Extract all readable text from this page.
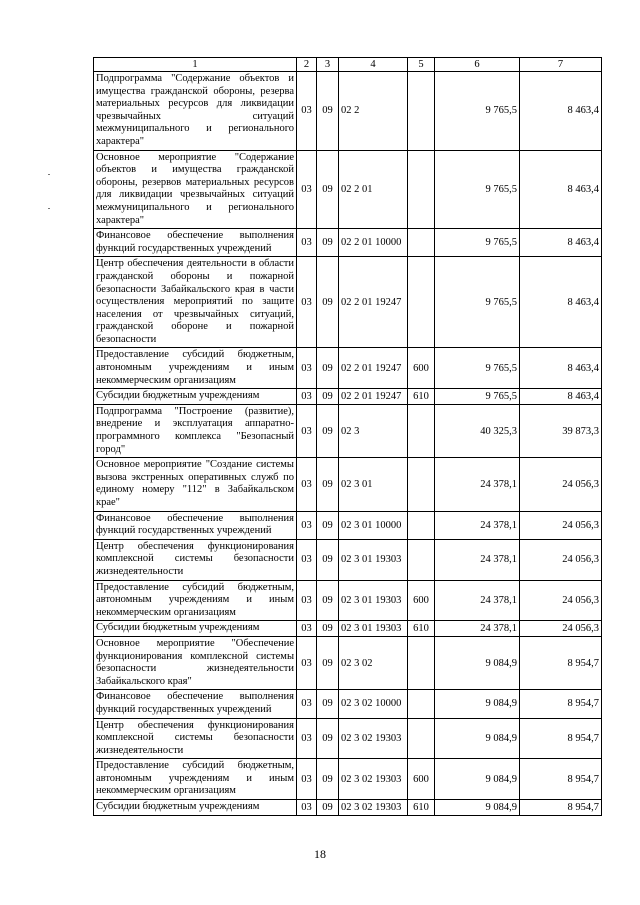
1	2	3	4	5	6	7
Подпрограмма "Содержание объектов и имущества гражданской обороны, резерва материальных ресурсов для ликвидации чрезвычайных ситуаций межмуниципального и регионального характера"	03	09	02 2		9 765,5	8 463,4
Основное мероприятие "Содержание объектов и имущества гражданской обороны, резервов материальных ресурсов для ликвидации чрезвычайных ситуаций межмуниципального и регионального характера"	03	09	02 2 01		9 765,5	8 463,4
Финансовое обеспечение выполнения функций государственных учреждений	03	09	02 2 01 10000		9 765,5	8 463,4
Центр обеспечения деятельности в области гражданской обороны и пожарной безопасности Забайкальского края в части осуществления мероприятий по защите населения от чрезвычайных ситуаций, гражданской обороне и пожарной безопасности	03	09	02 2 01 19247		9 765,5	8 463,4
Предоставление субсидий бюджетным, автономным учреждениям и иным некоммерческим организациям	03	09	02 2 01 19247	600	9 765,5	8 463,4
Субсидии бюджетным учреждениям	03	09	02 2 01 19247	610	9 765,5	8 463,4
Подпрограмма "Построение (развитие), внедрение и эксплуатация аппаратно-программного комплекса "Безопасный город"	03	09	02 3		40 325,3	39 873,3
Основное мероприятие "Создание системы вызова экстренных оперативных служб по единому номеру "112" в Забайкальском крае"	03	09	02 3 01		24 378,1	24 056,3
Финансовое обеспечение выполнения функций государственных учреждений	03	09	02 3 01 10000		24 378,1	24 056,3
Центр обеспечения функционирования комплексной системы безопасности жизнедеятельности	03	09	02 3 01 19303		24 378,1	24 056,3
Предоставление субсидий бюджетным, автономным учреждениям и иным некоммерческим организациям	03	09	02 3 01 19303	600	24 378,1	24 056,3
Субсидии бюджетным учреждениям	03	09	02 3 01 19303	610	24 378,1	24 056,3
Основное мероприятие "Обеспечение функционирования комплексной системы безопасности жизнедеятельности Забайкальского края"	03	09	02 3 02		9 084,9	8 954,7
Финансовое обеспечение выполнения функций государственных учреждений	03	09	02 3 02 10000		9 084,9	8 954,7
Центр обеспечения функционирования комплексной системы безопасности жизнедеятельности	03	09	02 3 02 19303		9 084,9	8 954,7
Предоставление субсидий бюджетным, автономным учреждениям и иным некоммерческим организациям	03	09	02 3 02 19303	600	9 084,9	8 954,7
Субсидии бюджетным учреждениям	03	09	02 3 02 19303	610	9 084,9	8 954,7
18
